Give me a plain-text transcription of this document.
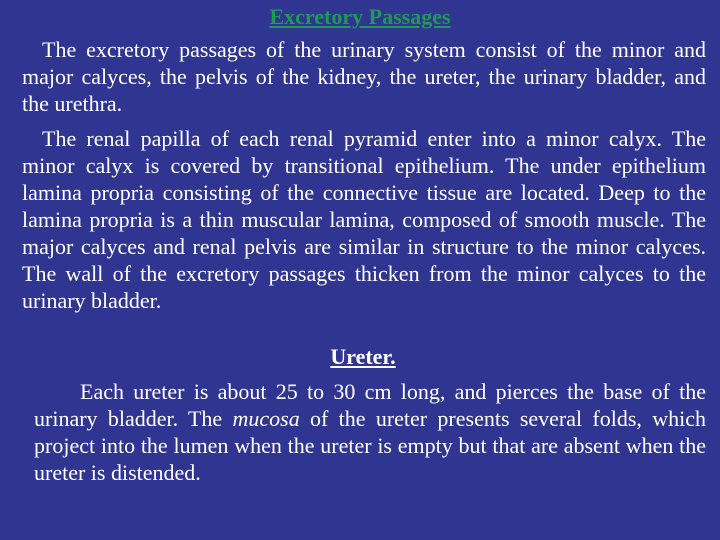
Excretory Passages

The excretory passages of the urinary system consist of the minor and major calyces, the pelvis of the kidney, the ureter, the urinary bladder, and the urethra.

The renal papilla of each renal pyramid enter into a minor calyx. The minor calyx is covered by transitional epithelium. The under epithelium lamina propria consisting of the connective tissue are located. Deep to the lamina propria is a thin muscular lamina, composed of smooth muscle. The major calyces and renal pelvis are similar in structure to the minor calyces. The wall of the excretory passages thicken from the minor calyces to the urinary bladder.

Ureter.

Each ureter is about 25 to 30 cm long, and pierces the base of the urinary bladder. The mucosa of the ureter presents several folds, which project into the lumen when the ureter is empty but that are absent when the ureter is distended.
